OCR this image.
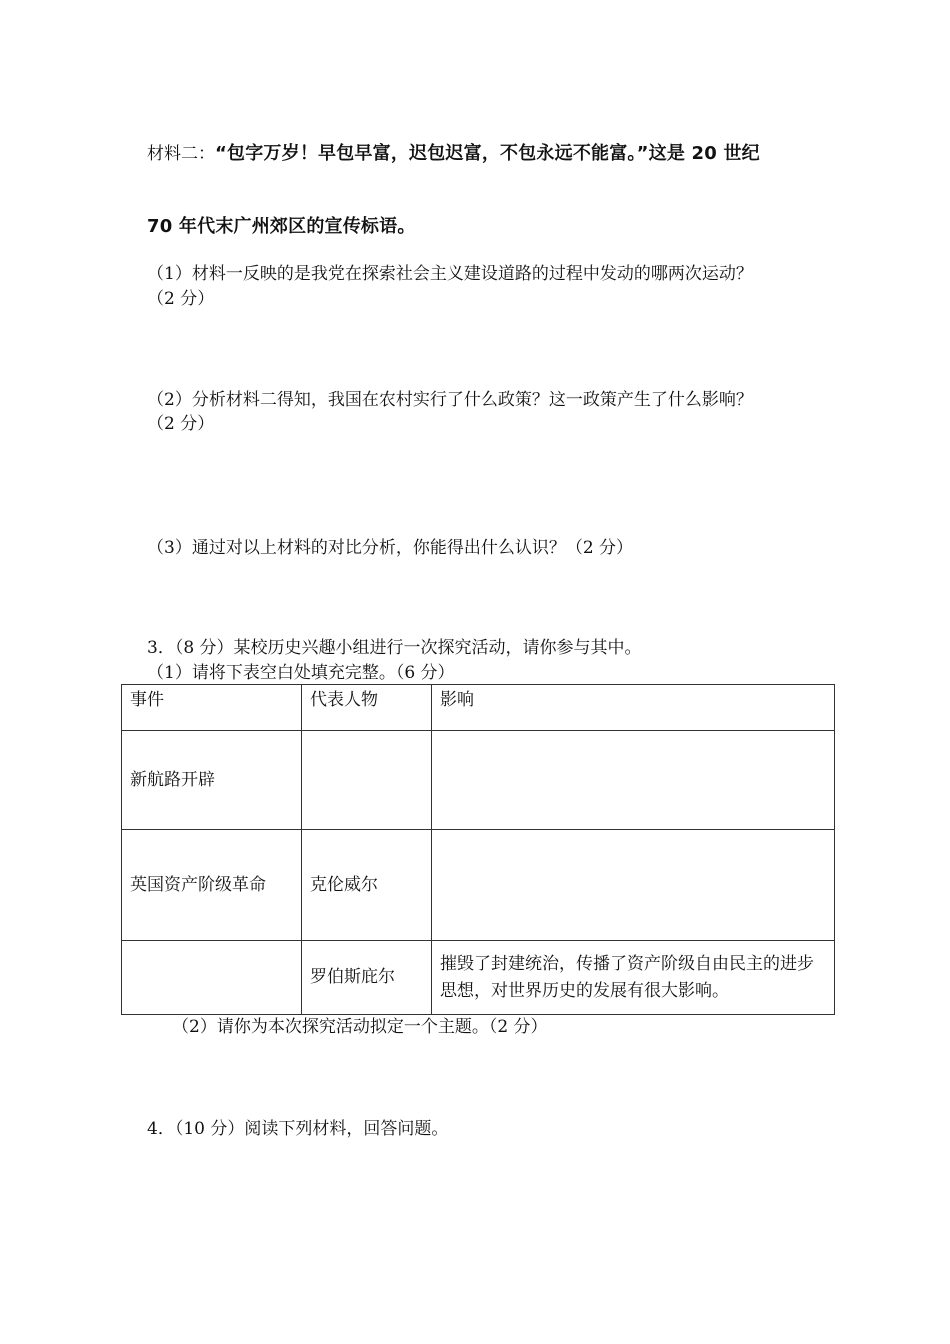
材料二：“包字万岁！早包早富，迟包迟富，不包永远不能富。”这是 20 世纪
70 年代末广州郊区的宣传标语。
（1）材料一反映的是我党在探索社会主义建设道路的过程中发动的哪两次运动？
（2 分）
（2）分析材料二得知，我国在农村实行了什么政策？这一政策产生了什么影响？
（2 分）
（3）通过对以上材料的对比分析，你能得出什么认识？（2 分）
3．（8 分）某校历史兴趣小组进行一次探究活动，请你参与其中。
（1）请将下表空白处填充完整。（6 分）
事件	代表人物	影响
新航路开辟		
英国资产阶级革命	克伦威尔	
	罗伯斯庇尔	摧毁了封建统治，传播了资产阶级自由民主的进步思想，对世界历史的发展有很大影响。
（2）请你为本次探究活动拟定一个主题。（2 分）
4．（10 分）阅读下列材料，回答问题。
